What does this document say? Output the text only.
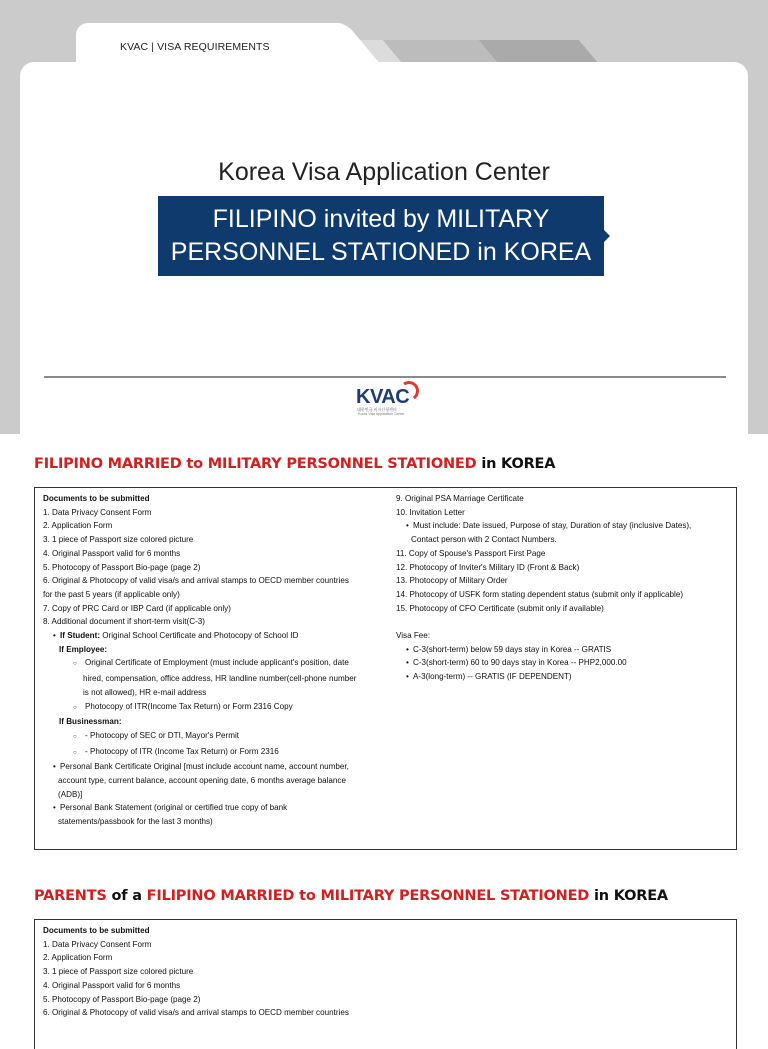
KVAC | VISA REQUIREMENTS
Korea Visa Application Center
FILIPINO invited by MILITARY
PERSONNEL STATIONED in KOREA
KVAC
대한민국 비자신청센터
Korea Visa Application Center
FILIPINO MARRIED to MILITARY PERSONNEL STATIONED in KOREA
Documents to be submitted
1. Data Privacy Consent Form
2. Application Form
3. 1 piece of Passport size colored picture
4. Original Passport valid for 6 months
5. Photocopy of Passport Bio-page (page 2)
6. Original & Photocopy of valid visa/s and arrival stamps to OECD member countries
for the past 5 years (if applicable only)
7. Copy of PRC Card or IBP Card (if applicable only)
8. Additional document if short-term visit(C-3)
• If Student: Original School Certificate and Photocopy of School ID
If Employee:
○ Original Certificate of Employment (must include applicant's position, date
hired, compensation, office address, HR landline number(cell-phone number
is not allowed), HR e-mail address
○ Photocopy of ITR(Income Tax Return) or Form 2316 Copy
If Businessman:
○ - Photocopy of SEC or DTI, Mayor's Permit
○ - Photocopy of ITR (Income Tax Return) or Form 2316
• Personal Bank Certificate Original [must include account name, account number,
account type, current balance, account opening date, 6 months average balance
(ADB)]
• Personal Bank Statement (original or certified true copy of bank
statements/passbook for the last 3 months)
9. Original PSA Marriage Certificate
10. Invitation Letter
• Must include: Date issued, Purpose of stay, Duration of stay (inclusive Dates),
Contact person with 2 Contact Numbers.
11. Copy of Spouse's Passport First Page
12. Photocopy of Inviter's Military ID (Front & Back)
13. Photocopy of Military Order
14. Photocopy of USFK form stating dependent status (submit only if applicable)
15. Photocopy of CFO Certificate (submit only if available)
Visa Fee:
• C-3(short-term) below 59 days stay in Korea -- GRATIS
• C-3(short-term) 60 to 90 days stay in Korea -- PHP2,000.00
• A-3(long-term) -- GRATIS (IF DEPENDENT)
PARENTS of a FILIPINO MARRIED to MILITARY PERSONNEL STATIONED in KOREA
Documents to be submitted
1. Data Privacy Consent Form
2. Application Form
3. 1 piece of Passport size colored picture
4. Original Passport valid for 6 months
5. Photocopy of Passport Bio-page (page 2)
6. Original & Photocopy of valid visa/s and arrival stamps to OECD member countries
